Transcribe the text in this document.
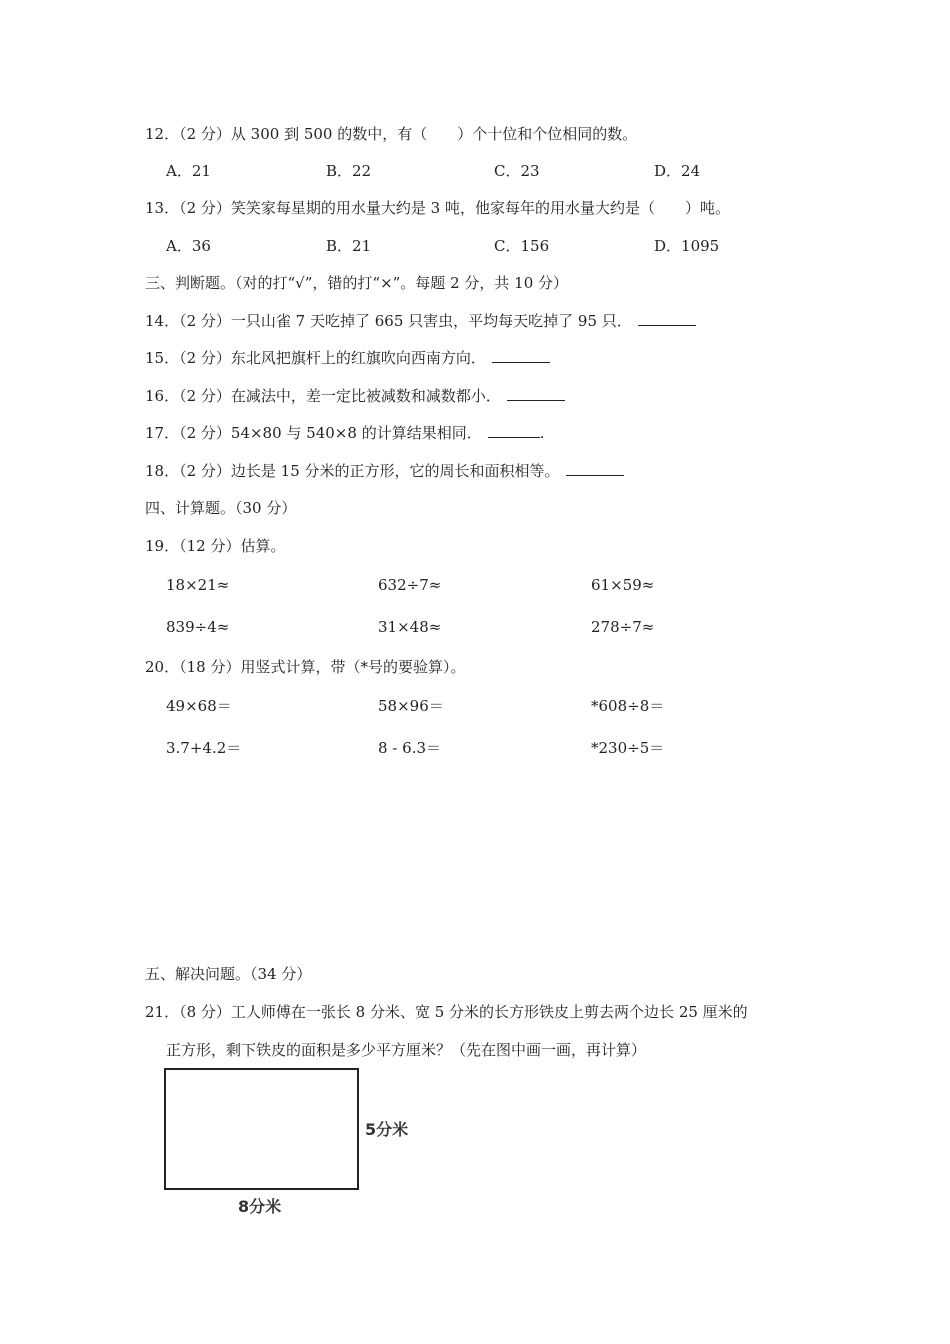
12．（2 分）从 300 到 500 的数中，有（　　）个十位和个位相同的数。
A．21	B．22	C．23	D．24
13．（2 分）笑笑家每星期的用水量大约是 3 吨，他家每年的用水量大约是（　　）吨。
A．36	B．21	C．156	D．1095
三、判断题。（对的打“√”，错的打“×”。每题 2 分，共 10 分）
14．（2 分）一只山雀 7 天吃掉了 665 只害虫，平均每天吃掉了 95 只．
15．（2 分）东北风把旗杆上的红旗吹向西南方向．
16．（2 分）在减法中，差一定比被减数和减数都小．
17．（2 分）54×80 与 540×8 的计算结果相同．	.
18．（2 分）边长是 15 分米的正方形，它的周长和面积相等。
四、计算题。（30 分）
19．（12 分）估算。
18×21≈	632÷7≈	61×59≈
839÷4≈	31×48≈	278÷7≈
20．（18 分）用竖式计算，带（*号的要验算）。
49×68＝	58×96＝	*608÷8＝
3.7+4.2＝	8 - 6.3＝	*230÷5＝
五、解决问题。（34 分）
21．（8 分）工人师傅在一张长 8 分米、宽 5 分米的长方形铁皮上剪去两个边长 25 厘米的
正方形，剩下铁皮的面积是多少平方厘米？（先在图中画一画，再计算）
5分米
8分米
